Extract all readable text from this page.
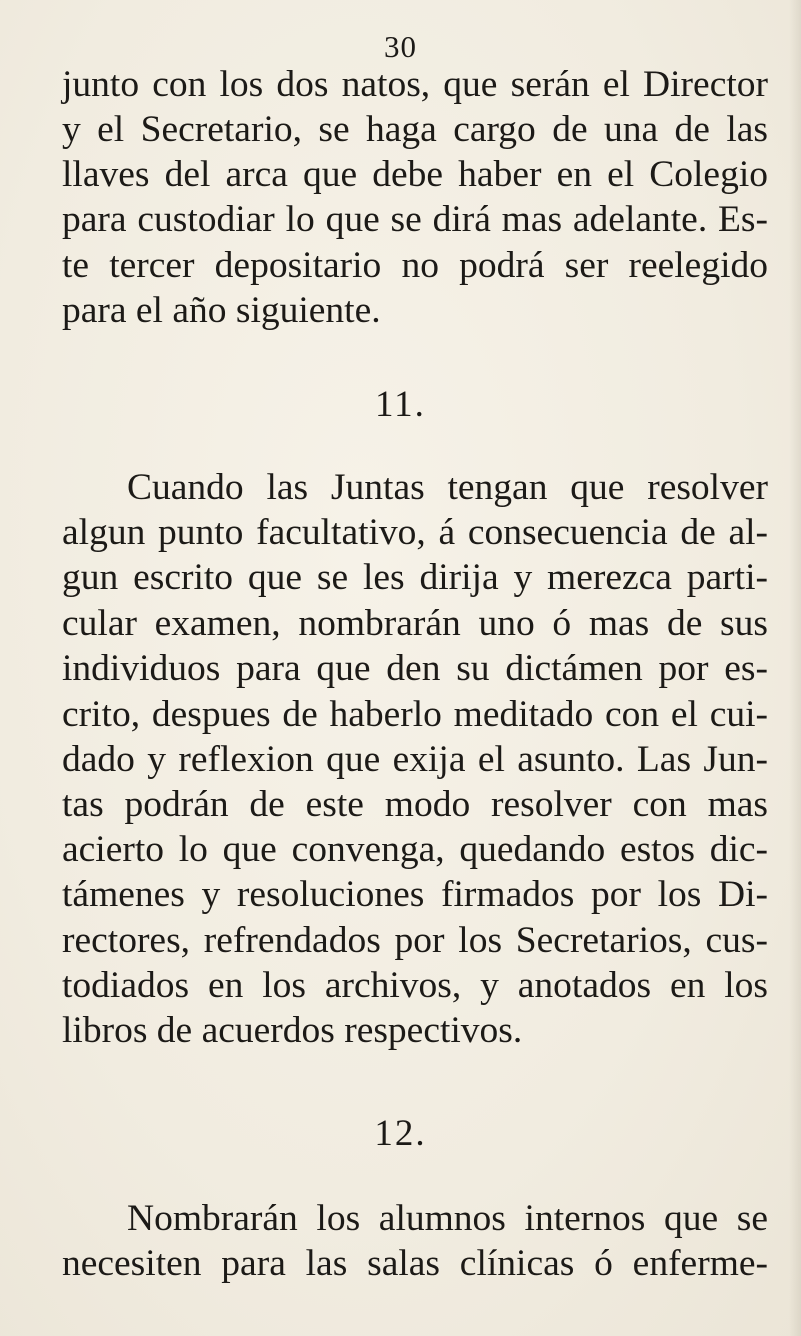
30
junto con los dos natos, que serán el Director
y el Secretario, se haga cargo de una de las
llaves del arca que debe haber en el Colegio
para custodiar lo que se dirá mas adelante. Es-
te tercer depositario no podrá ser reelegido
para el año siguiente.
11.
Cuando las Juntas tengan que resolver
algun punto facultativo, á consecuencia de al-
gun escrito que se les dirija y merezca parti-
cular examen, nombrarán uno ó mas de sus
individuos para que den su dictámen por es-
crito, despues de haberlo meditado con el cui-
dado y reflexion que exija el asunto. Las Jun-
tas podrán de este modo resolver con mas
acierto lo que convenga, quedando estos dic-
támenes y resoluciones firmados por los Di-
rectores, refrendados por los Secretarios, cus-
todiados en los archivos, y anotados en los
libros de acuerdos respectivos.
12.
Nombrarán los alumnos internos que se
necesiten para las salas clínicas ó enferme-
